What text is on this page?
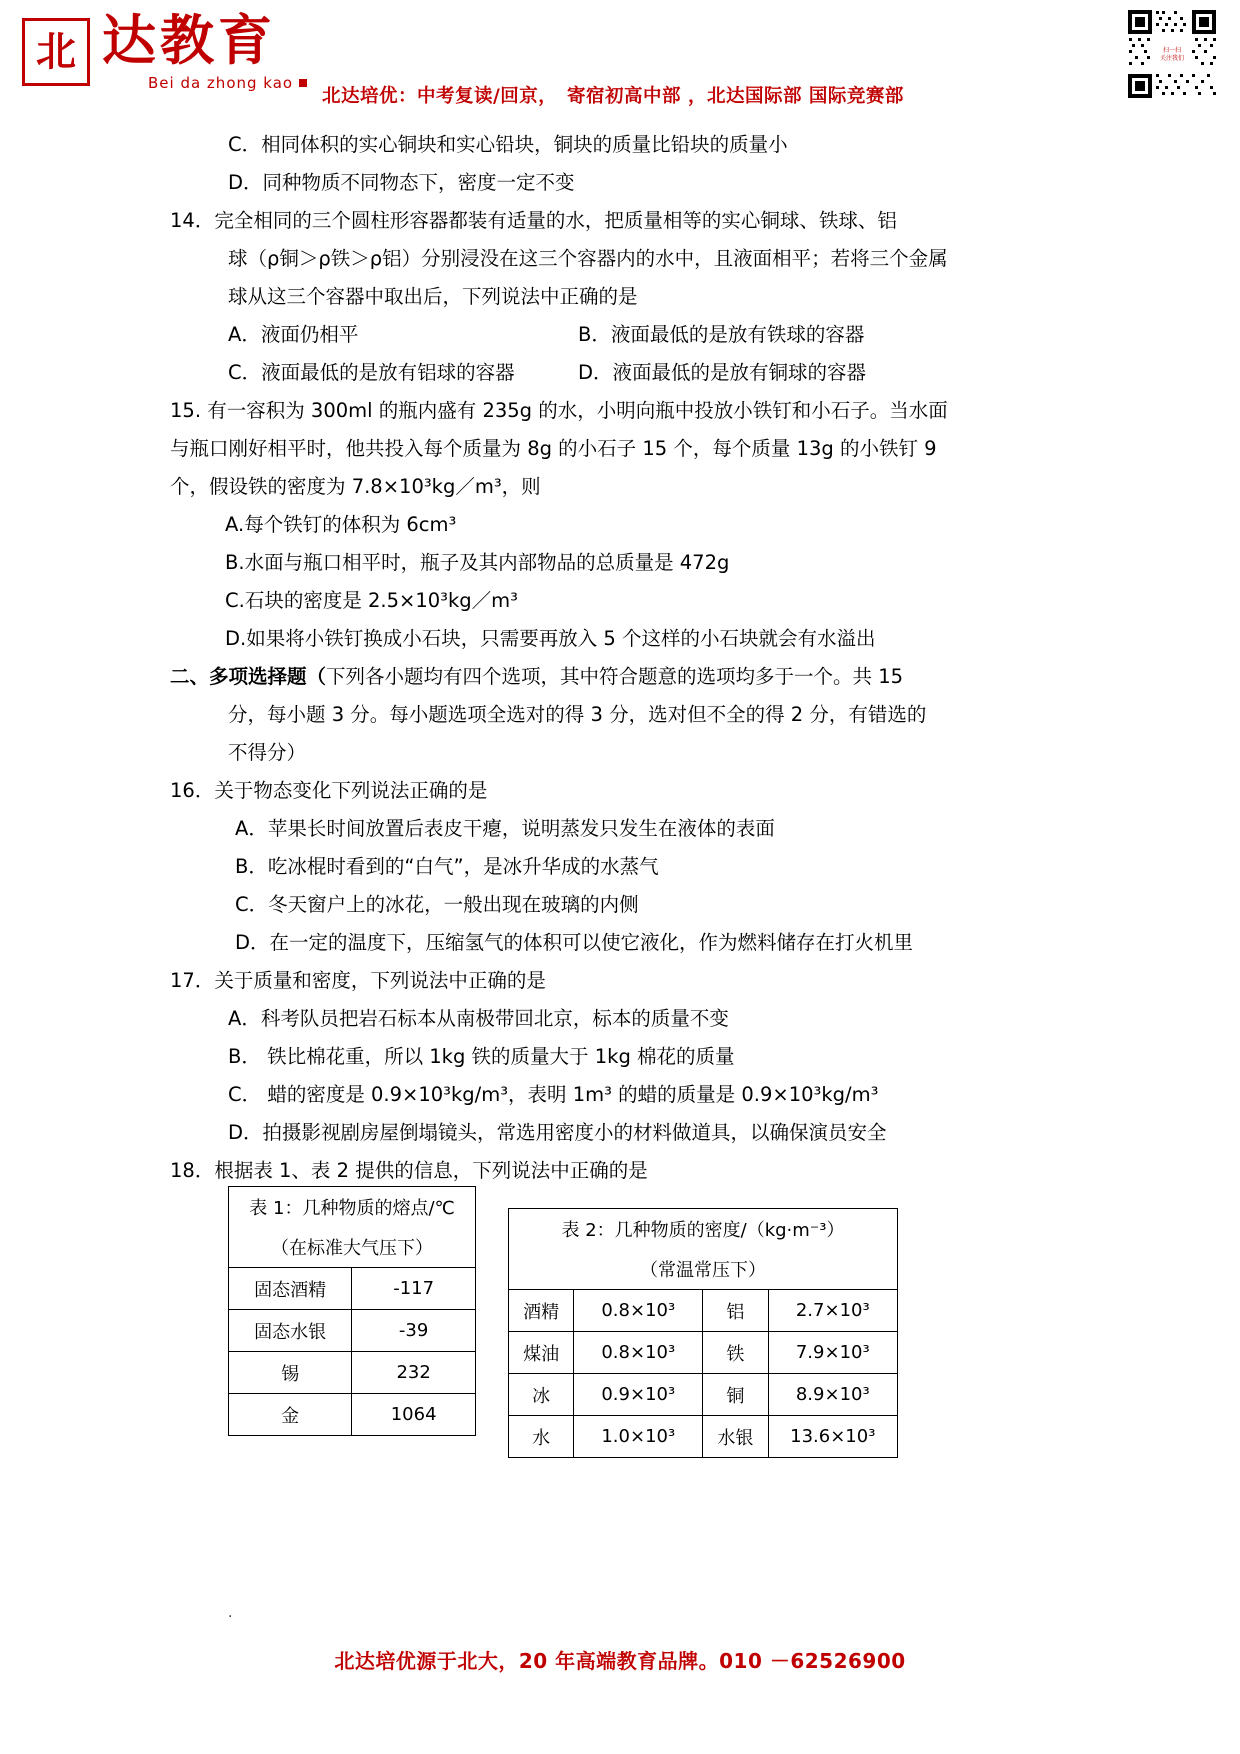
北 达教育
Bei da zhong kao
北达培优：中考复读/回京，　寄宿初高中部 ，北达国际部 国际竞赛部
扫一扫
关注我们
C．相同体积的实心铜块和实心铅块，铜块的质量比铅块的质量小
D．同种物质不同物态下，密度一定不变
14．完全相同的三个圆柱形容器都装有适量的水，把质量相等的实心铜球、铁球、铝
球（ρ铜＞ρ铁＞ρ铝）分别浸没在这三个容器内的水中，且液面相平；若将三个金属
球从这三个容器中取出后，下列说法中正确的是
A．液面仍相平	B．液面最低的是放有铁球的容器
C．液面最低的是放有铝球的容器	D．液面最低的是放有铜球的容器
15. 有一容积为 300ml 的瓶内盛有 235g 的水，小明向瓶中投放小铁钉和小石子。当水面
与瓶口刚好相平时，他共投入每个质量为 8g 的小石子 15 个，每个质量 13g 的小铁钉 9
个，假设铁的密度为 7.8×10³kg／m³，则
A.每个铁钉的体积为 6cm³
B.水面与瓶口相平时，瓶子及其内部物品的总质量是 472g
C.石块的密度是 2.5×10³kg／m³
D.如果将小铁钉换成小石块，只需要再放入 5 个这样的小石块就会有水溢出
二、多项选择题（下列各小题均有四个选项，其中符合题意的选项均多于一个。共 15
分，每小题 3 分。每小题选项全选对的得 3 分，选对但不全的得 2 分，有错选的
不得分）
16．关于物态变化下列说法正确的是
A．苹果长时间放置后表皮干瘪，说明蒸发只发生在液体的表面
B．吃冰棍时看到的“白气”，是冰升华成的水蒸气
C．冬天窗户上的冰花，一般出现在玻璃的内侧
D．在一定的温度下，压缩氢气的体积可以使它液化，作为燃料储存在打火机里
17．关于质量和密度，下列说法中正确的是
A．科考队员把岩石标本从南极带回北京，标本的质量不变
B． 铁比棉花重，所以 1kg 铁的质量大于 1kg 棉花的质量
C． 蜡的密度是 0.9×10³kg/m³，表明 1m³ 的蜡的质量是 0.9×10³kg/m³
D．拍摄影视剧房屋倒塌镜头，常选用密度小的材料做道具，以确保演员安全
18．根据表 1、表 2 提供的信息，下列说法中正确的是
表 1：几种物质的熔点/℃	
（在标准大气压下）	
固态酒精	-117
固态水银	-39
锡	232
金	1064
表 2：几种物质的密度/（kg·m⁻³）			
（常温常压下）			
酒精	0.8×10³	铝	2.7×10³
煤油	0.8×10³	铁	7.9×10³
冰	0.9×10³	铜	8.9×10³
水	1.0×10³	水银	13.6×10³
.
北达培优源于北大，20 年高端教育品牌。010 －62526900
